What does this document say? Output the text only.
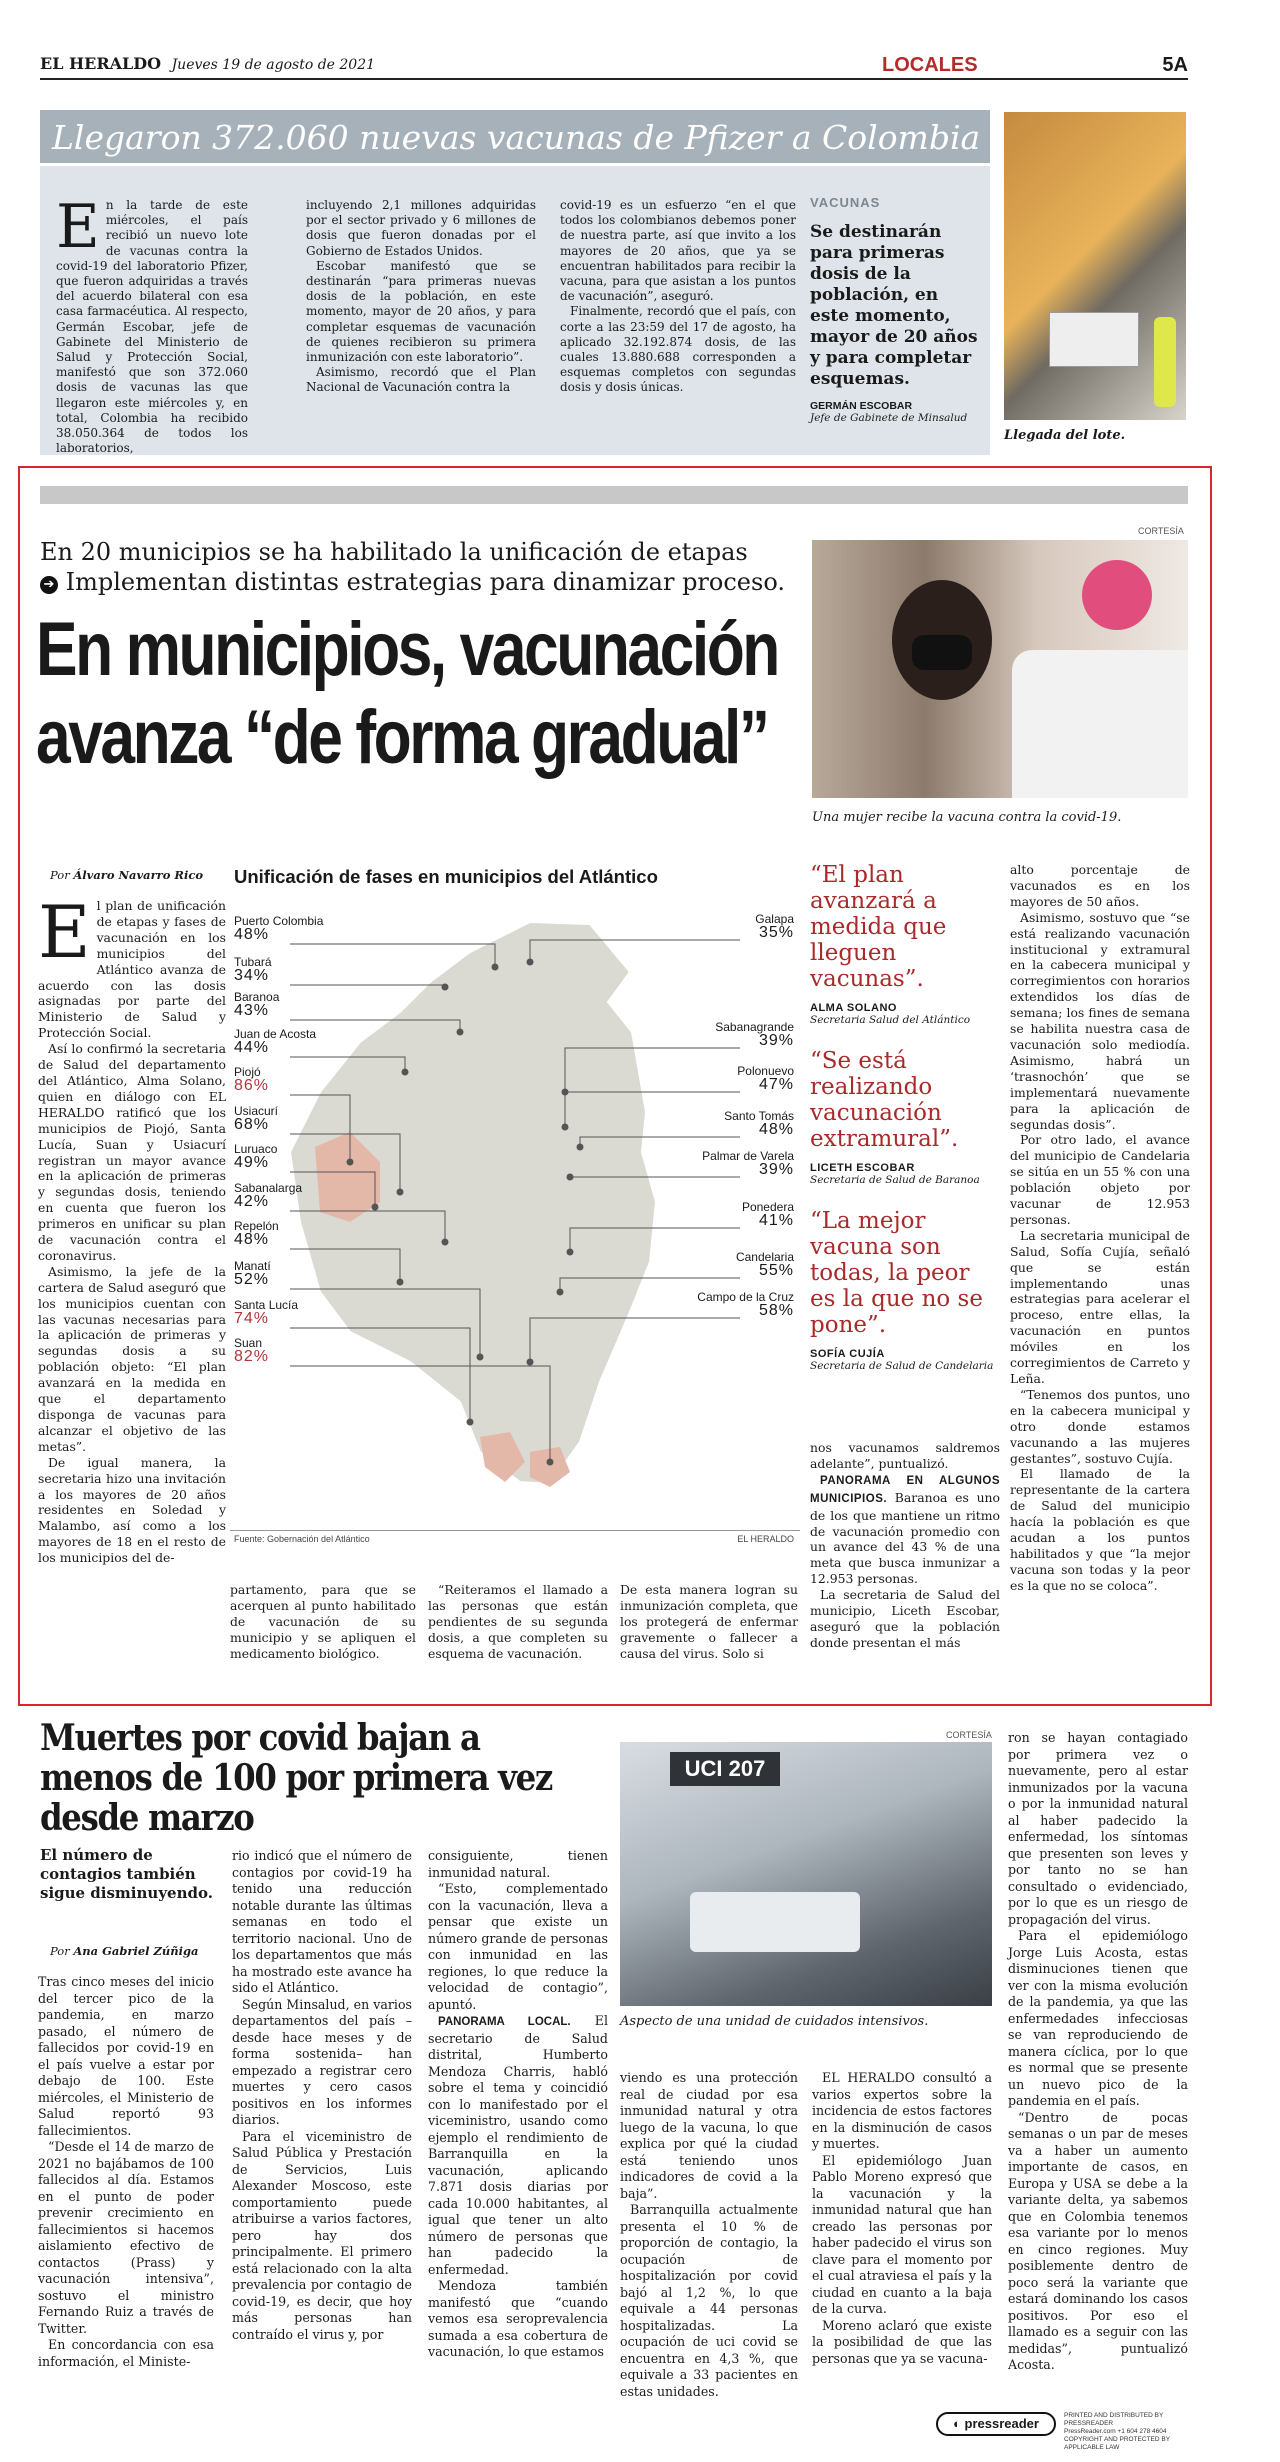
EL HERALDO Jueves 19 de agosto de 2021	LOCALES	5A
Llegaron 372.060 nuevas vacunas de Pfizer a Colombia
E n la tarde de este miércoles, el país recibió un nuevo lote de vacunas contra la covid-19 del laboratorio Pfizer, que fueron adquiridas a través del acuerdo bilateral con esa casa farmacéutica. Al respecto, Germán Escobar, jefe de Gabinete del Ministerio de Salud y Protección Social, manifestó que son 372.060 dosis de vacunas las que llegaron este miércoles y, en total, Colombia ha recibido 38.050.364 de todos los laboratorios,

incluyendo 2,1 millones adquiridas por el sector privado y 6 millones de dosis que fueron donadas por el Gobierno de Estados Unidos.

Escobar manifestó que se destinarán “para primeras nuevas dosis de la población, en este momento, mayor de 20 años, y para completar esquemas de vacunación de quienes recibieron su primera inmunización con este laboratorio”.

Asimismo, recordó que el Plan Nacional de Vacunación contra la

covid-19 es un esfuerzo “en el que todos los colombianos debemos poner de nuestra parte, así que invito a los mayores de 20 años, que ya se encuentran habilitados para recibir la vacuna, para que asistan a los puntos de vacunación”, aseguró.

Finalmente, recordó que el país, con corte a las 23:59 del 17 de agosto, ha aplicado 32.192.874 dosis, de las cuales 13.880.688 corresponden a esquemas completos con segundas dosis y dosis únicas.

VACUNAS
Se destinarán para primeras dosis de la población, en este momento, mayor de 20 años y para completar esquemas.
GERMÁN ESCOBAR
Jefe de Gabinete de Minsalud
Llegada del lote.
CORTESÍA
En 20 municipios se ha habilitado la unificación de etapas
➔ Implementan distintas estrategias para dinamizar proceso.
En municipios, vacunación
avanza “de forma gradual”
Una mujer recibe la vacuna contra la covid-19.
Por Álvaro Navarro Rico
E l plan de unificación de etapas y fases de vacunación en los municipios del Atlántico avanza de acuerdo con las dosis asignadas por parte del Ministerio de Salud y Protección Social.

Así lo confirmó la secretaria de Salud del departamento del Atlántico, Alma Solano, quien en diálogo con EL HERALDO ratificó que los municipios de Piojó, Santa Lucía, Suan y Usiacurí registran un mayor avance en la aplicación de primeras y segundas dosis, teniendo en cuenta que fueron los primeros en unificar su plan de vacunación contra el coronavirus.

Asimismo, la jefe de la cartera de Salud aseguró que los municipios cuentan con las vacunas necesarias para la aplicación de primeras y segundas dosis a su población objeto: “El plan avanzará en la medida en que el departamento disponga de vacunas para alcanzar el objetivo de las metas”.

De igual manera, la secretaria hizo una invitación a los mayores de 20 años residentes en Soledad y Malambo, así como a los mayores de 18 en el resto de los municipios del de-

Unificación de fases en municipios del Atlántico
Puerto Colombia
48%
Tubará
34%
Baranoa
43%
Juan de Acosta
44%
Piojó
86%
Usiacurí
68%
Luruaco
49%
Sabanalarga
42%
Repelón
48%
Manatí
52%
Santa Lucía
74%
Suan
82%
Galapa
35%
Sabanagrande
39%
Polonuevo
47%
Santo Tomás
48%
Palmar de Varela
39%
Ponedera
41%
Candelaria
55%
Campo de la Cruz
58%
Fuente: Gobernación del Atlántico	EL HERALDO
“El plan avanzará a medida que lleguen vacunas”.
ALMA SOLANO
Secretaria Salud del Atlántico
“Se está realizando vacunación extramural”.
LICETH ESCOBAR
Secretaria de Salud de Baranoa
“La mejor vacuna son todas, la peor es la que no se pone”.
SOFÍA CUJÍA
Secretaria de Salud de Candelaria

alto porcentaje de vacunados es en los mayores de 50 años.

Asimismo, sostuvo que “se está realizando vacunación institucional y extramural en la cabecera municipal y corregimientos con horarios extendidos los días de semana; los fines de semana se habilita nuestra casa de vacunación solo mediodía. Asimismo, habrá un ‘trasnochón’ que se implementará nuevamente para la aplicación de segundas dosis”.

Por otro lado, el avance del municipio de Candelaria se sitúa en un 55 % con una población objeto por vacunar de 12.953 personas.

La secretaria municipal de Salud, Sofía Cujía, señaló que se están implementando unas estrategias para acelerar el proceso, entre ellas, la vacunación en puntos móviles en los corregimientos de Carreto y Leña.

“Tenemos dos puntos, uno en la cabecera municipal y otro donde estamos vacunando a las mujeres gestantes”, sostuvo Cujía.

El llamado de la representante de la cartera de Salud del municipio hacía la población es que acudan a los puntos habilitados y que “la mejor vacuna son todas y la peor es la que no se coloca”.

partamento, para que se acerquen al punto habilitado de vacunación de su municipio y se apliquen el medicamento biológico.

“Reiteramos el llamado a las personas que están pendientes de su segunda dosis, a que completen su esquema de vacunación.

De esta manera logran su inmunización completa, que los protegerá de enfermar gravemente o fallecer a causa del virus. Solo si

nos vacunamos saldremos adelante”, puntualizó.

PANORAMA EN ALGUNOS MUNICIPIOS. Baranoa es uno de los que mantiene un ritmo de vacunación promedio con un avance del 43 % de una meta que busca inmunizar a 12.953 personas.

La secretaria de Salud del municipio, Liceth Escobar, aseguró que la población donde presentan el más

Muertes por covid bajan a menos de 100 por primera vez desde marzo
El número de contagios también sigue disminuyendo.
Por Ana Gabriel Zúñiga

Tras cinco meses del inicio del tercer pico de la pandemia, en marzo pasado, el número de fallecidos por covid-19 en el país vuelve a estar por debajo de 100. Este miércoles, el Ministerio de Salud reportó 93 fallecimientos.

“Desde el 14 de marzo de 2021 no bajábamos de 100 fallecidos al día. Estamos en el punto de poder prevenir crecimiento en fallecimientos si hacemos aislamiento efectivo de contactos (Prass) y vacunación intensiva”, sostuvo el ministro Fernando Ruiz a través de Twitter.

En concordancia con esa información, el Ministe-

rio indicó que el número de contagios por covid-19 ha tenido una reducción notable durante las últimas semanas en todo el territorio nacional. Uno de los departamentos que más ha mostrado este avance ha sido el Atlántico.

Según Minsalud, en varios departamentos del país –desde hace meses y de forma sostenida– han empezado a registrar cero muertes y cero casos positivos en los informes diarios.

Para el viceministro de Salud Pública y Prestación de Servicios, Luis Alexander Moscoso, este comportamiento puede atribuirse a varios factores, pero hay dos principalmente. El primero está relacionado con la alta prevalencia por contagio de covid-19, es decir, que hoy más personas han contraído el virus y, por

consiguiente, tienen inmunidad natural.

“Esto, complementado con la vacunación, lleva a pensar que existe un número grande de personas con inmunidad en las regiones, lo que reduce la velocidad de contagio”, apuntó.

PANORAMA LOCAL. El secretario de Salud distrital, Humberto Mendoza Charris, habló sobre el tema y coincidió con lo manifestado por el viceministro, usando como ejemplo el rendimiento de Barranquilla en la vacunación, aplicando 7.871 dosis diarias por cada 10.000 habitantes, al igual que tener un alto número de personas que han padecido la enfermedad.

Mendoza también manifestó que “cuando vemos esa seroprevalencia sumada a esa cobertura de vacunación, lo que estamos

CORTESÍA
UCI 207
Aspecto de una unidad de cuidados intensivos.

viendo es una protección real de ciudad por esa inmunidad natural y otra luego de la vacuna, lo que explica por qué la ciudad está teniendo unos indicadores de covid a la baja”.

Barranquilla actualmente presenta el 10 % de proporción de contagio, la ocupación de hospitalización por covid bajó al 1,2 %, lo que equivale a 44 personas hospitalizadas. La ocupación de uci covid se encuentra en 4,3 %, que equivale a 33 pacientes en estas unidades.

EL HERALDO consultó a varios expertos sobre la incidencia de estos factores en la disminución de casos y muertes.

El epidemiólogo Juan Pablo Moreno expresó que la vacunación y la inmunidad natural que han creado las personas por haber padecido el virus son clave para el momento por el cual atraviesa el país y la ciudad en cuanto a la baja de la curva.

Moreno aclaró que existe la posibilidad de que las personas que ya se vacuna-

ron se hayan contagiado por primera vez o nuevamente, pero al estar inmunizados por la vacuna o por la inmunidad natural al haber padecido la enfermedad, los síntomas que presenten son leves y por tanto no se han consultado o evidenciado, por lo que es un riesgo de propagación del virus.

Para el epidemiólogo Jorge Luis Acosta, estas disminuciones tienen que ver con la misma evolución de la pandemia, ya que las enfermedades infecciosas se van reproduciendo de manera cíclica, por lo que es normal que se presente un nuevo pico de la pandemia en el país.

“Dentro de pocas semanas o un par de meses va a haber un aumento importante de casos, en Europa y USA se debe a la variante delta, ya sabemos que en Colombia tenemos esa variante por lo menos en cinco regiones. Muy posiblemente dentro de poco será la variante que estará dominando los casos positivos. Por eso el llamado es a seguir con las medidas”, puntualizó Acosta.

◐ pressreader
PRINTED AND DISTRIBUTED BY PRESSREADER
PressReader.com +1 604 278 4604
COPYRIGHT AND PROTECTED BY APPLICABLE LAW
